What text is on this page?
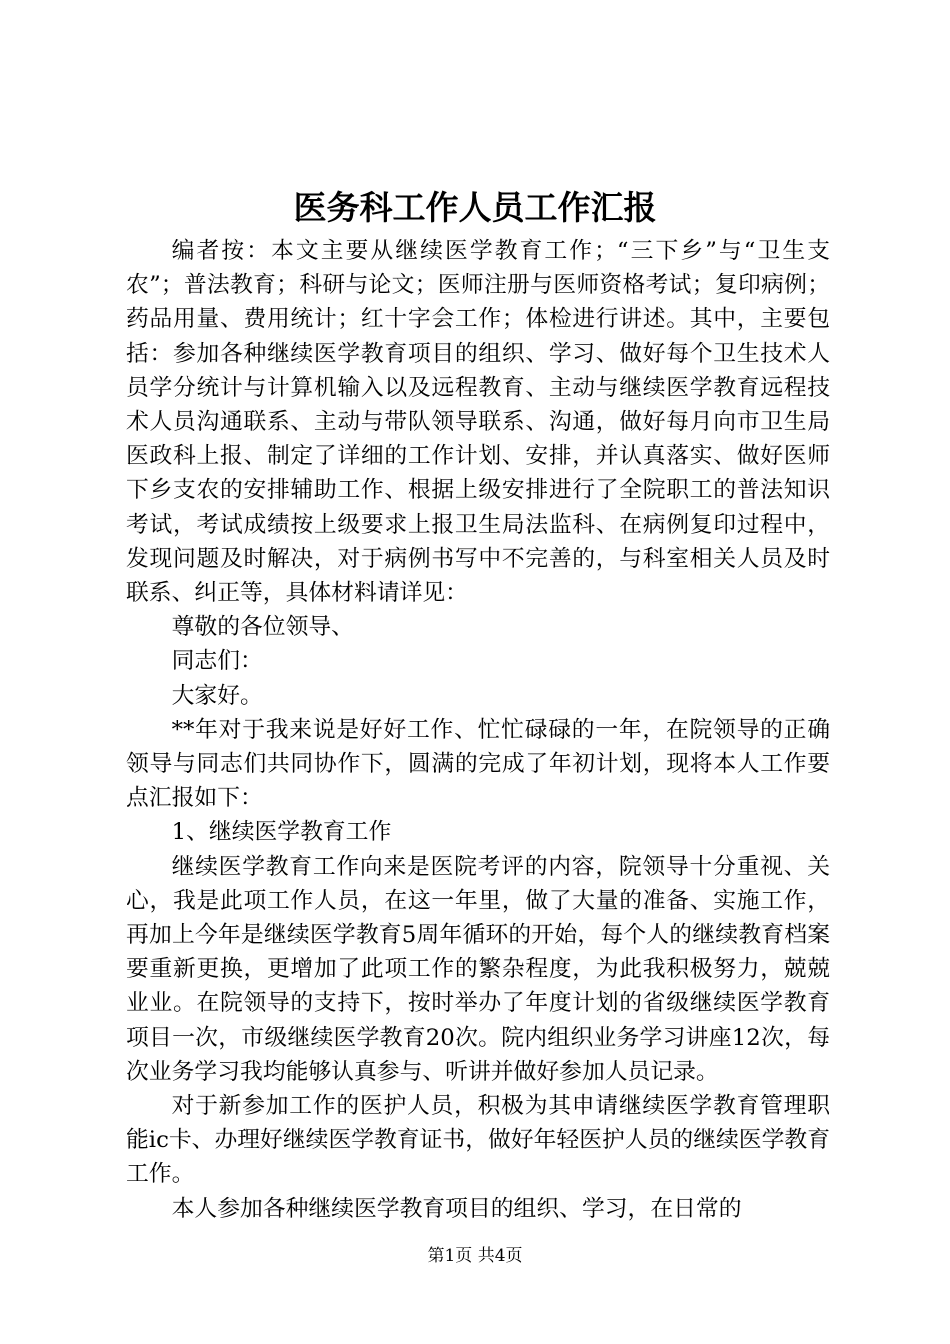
医务科工作人员工作汇报

编者按：本文主要从继续医学教育工作；“三下乡”与“卫生支农”；普法教育；科研与论文；医师注册与医师资格考试；复印病例；药品用量、费用统计；红十字会工作；体检进行讲述。其中，主要包括：参加各种继续医学教育项目的组织、学习、做好每个卫生技术人员学分统计与计算机输入以及远程教育、主动与继续医学教育远程技术人员沟通联系、主动与带队领导联系、沟通，做好每月向市卫生局医政科上报、制定了详细的工作计划、安排，并认真落实、做好医师下乡支农的安排辅助工作、根据上级安排进行了全院职工的普法知识考试，考试成绩按上级要求上报卫生局法监科、在病例复印过程中，发现问题及时解决，对于病例书写中不完善的，与科室相关人员及时联系、纠正等，具体材料请详见：

尊敬的各位领导、

同志们：

大家好。

**年对于我来说是好好工作、忙忙碌碌的一年，在院领导的正确领导与同志们共同协作下，圆满的完成了年初计划，现将本人工作要点汇报如下：

1、继续医学教育工作

继续医学教育工作向来是医院考评的内容，院领导十分重视、关心，我是此项工作人员，在这一年里，做了大量的准备、实施工作，再加上今年是继续医学教育5周年循环的开始，每个人的继续教育档案要重新更换，更增加了此项工作的繁杂程度，为此我积极努力，兢兢业业。在院领导的支持下，按时举办了年度计划的省级继续医学教育项目一次，市级继续医学教育20次。院内组织业务学习讲座12次，每次业务学习我均能够认真参与、听讲并做好参加人员记录。

对于新参加工作的医护人员，积极为其申请继续医学教育管理职能ic卡、办理好继续医学教育证书，做好年轻医护人员的继续医学教育工作。

本人参加各种继续医学教育项目的组织、学习，在日常的

第1页 共4页
